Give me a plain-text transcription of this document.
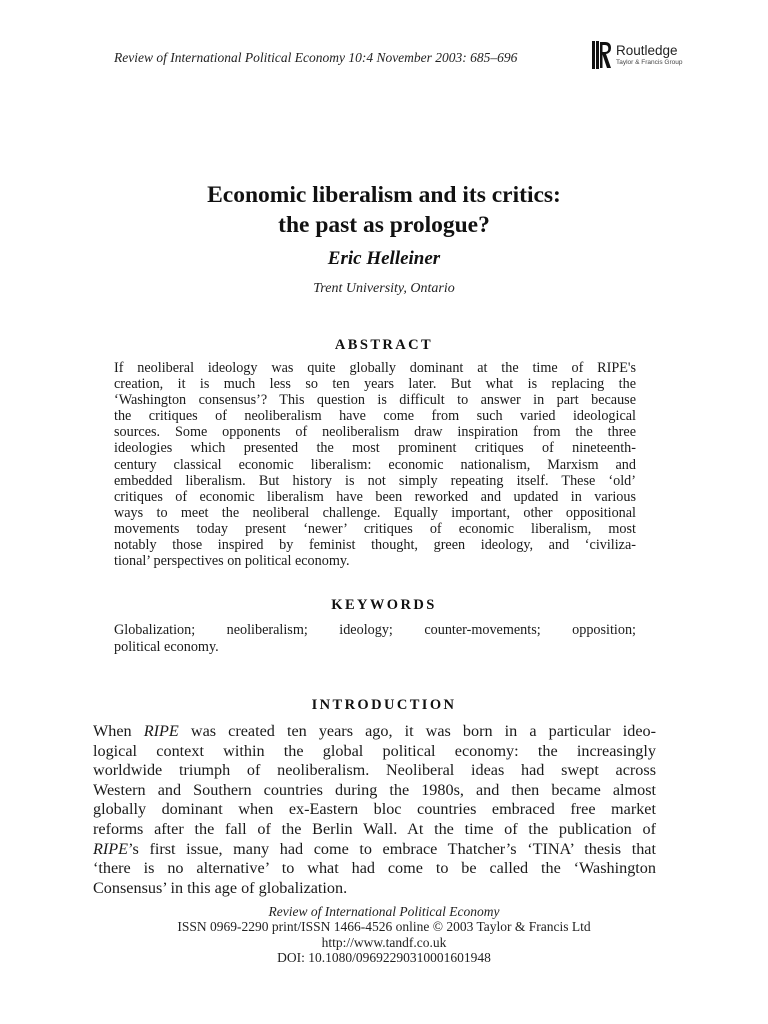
Review of International Political Economy 10:4 November 2003: 685–696	Routledge
Taylor & Francis Group
Economic liberalism and its critics:
the past as prologue?
Eric Helleiner
Trent University, Ontario
ABSTRACT
If neoliberal ideology was quite globally dominant at the time of RIPE's
creation, it is much less so ten years later. But what is replacing the
‘Washington consensus’? This question is difficult to answer in part because
the critiques of neoliberalism have come from such varied ideological
sources. Some opponents of neoliberalism draw inspiration from the three
ideologies which presented the most prominent critiques of nineteenth-
century classical economic liberalism: economic nationalism, Marxism and
embedded liberalism. But history is not simply repeating itself. These ‘old’
critiques of economic liberalism have been reworked and updated in various
ways to meet the neoliberal challenge. Equally important, other oppositional
movements today present ‘newer’ critiques of economic liberalism, most
notably those inspired by feminist thought, green ideology, and ‘civiliza-
tional’ perspectives on political economy.
KEYWORDS
Globalization; neoliberalism; ideology; counter-movements; opposition;
political economy.
INTRODUCTION
When RIPE was created ten years ago, it was born in a particular ideo-
logical context within the global political economy: the increasingly
worldwide triumph of neoliberalism. Neoliberal ideas had swept across
Western and Southern countries during the 1980s, and then became almost
globally dominant when ex-Eastern bloc countries embraced free market
reforms after the fall of the Berlin Wall. At the time of the publication of
RIPE’s first issue, many had come to embrace Thatcher’s ‘TINA’ thesis that
‘there is no alternative’ to what had come to be called the ‘Washington
Consensus’ in this age of globalization.
Review of International Political Economy
ISSN 0969-2290 print/ISSN 1466-4526 online © 2003 Taylor & Francis Ltd
http://www.tandf.co.uk
DOI: 10.1080/0969229031000160194​8
